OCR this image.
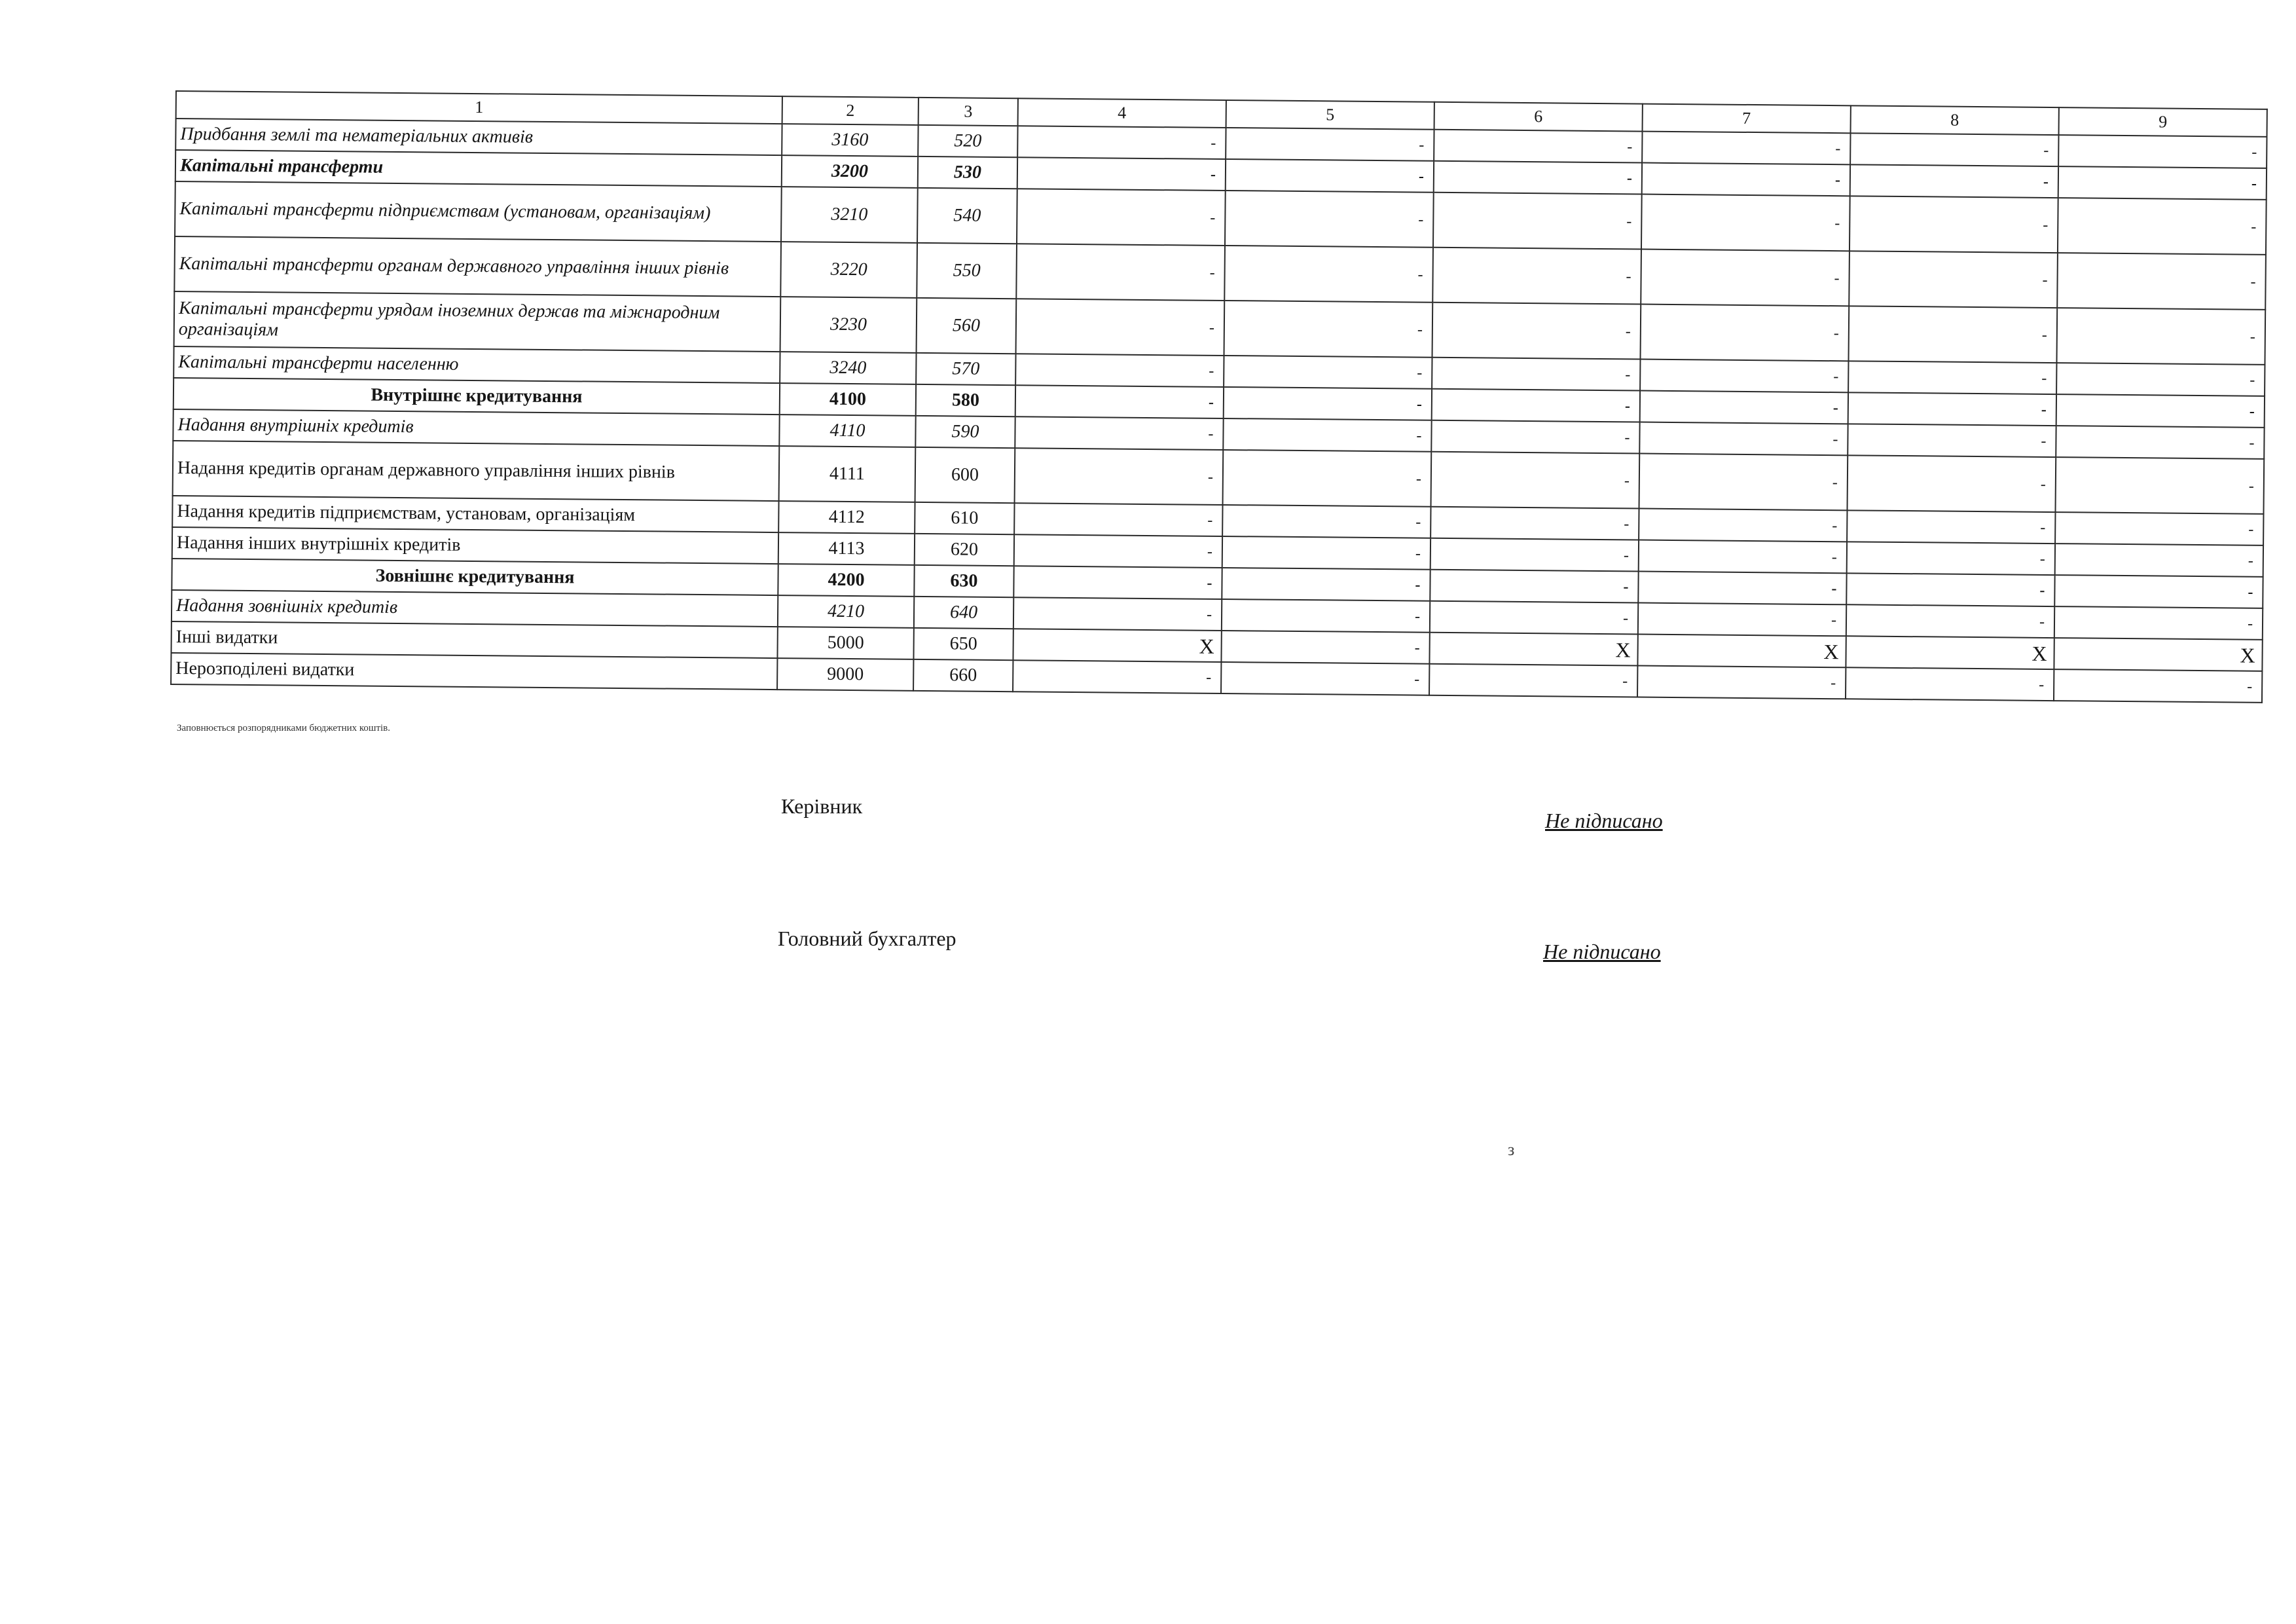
1	2	3	4	5	6	7	8	9
Придбання землі та нематеріальних активів	3160	520	-	-	-	-	-	-
Капітальні трансферти	3200	530	-	-	-	-	-	-
Капітальні трансферти підприємствам (установам, організаціям)	3210	540	-	-	-	-	-	-
Капітальні трансферти органам державного управління інших рівнів	3220	550	-	-	-	-	-	-
Капітальні трансферти урядам іноземних держав та міжнародним організаціям	3230	560	-	-	-	-	-	-
Капітальні трансферти населенню	3240	570	-	-	-	-	-	-
Внутрішнє кредитування	4100	580	-	-	-	-	-	-
Надання внутрішніх кредитів	4110	590	-	-	-	-	-	-
Надання кредитів органам державного управління інших рівнів	4111	600	-	-	-	-	-	-
Надання кредитів підприємствам, установам, організаціям	4112	610	-	-	-	-	-	-
Надання інших внутрішніх кредитів	4113	620	-	-	-	-	-	-
Зовнішнє кредитування	4200	630	-	-	-	-	-	-
Надання зовнішніх кредитів	4210	640	-	-	-	-	-	-
Інші видатки	5000	650	X	-	X	X	X	X
Нерозподілені видатки	9000	660	-	-	-	-	-	-
Заповнюється розпорядниками бюджетних коштів.
Керівник
Не підписано
Головний бухгалтер
Не підписано
з
